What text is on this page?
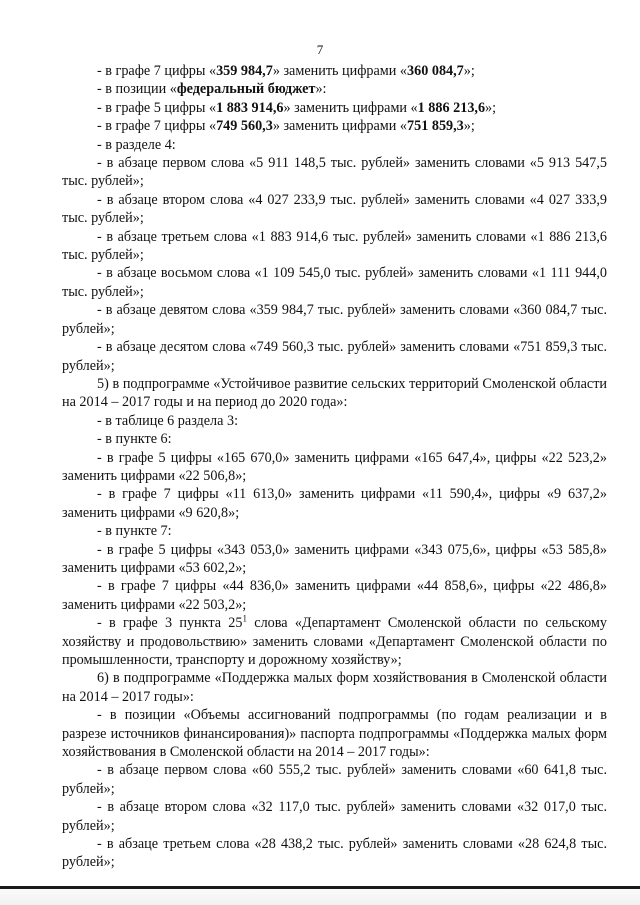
7

- в графе 7 цифры «359 984,7» заменить цифрами «360 084,7»;

- в позиции «федеральный бюджет»:

- в графе 5 цифры «1 883 914,6» заменить цифрами «1 886 213,6»;

- в графе 7 цифры «749 560,3» заменить цифрами «751 859,3»;

- в разделе 4:

- в абзаце первом слова «5 911 148,5 тыс. рублей» заменить словами «5 913 547,5 тыс. рублей»;

- в абзаце втором слова «4 027 233,9 тыс. рублей» заменить словами «4 027 333,9 тыс. рублей»;

- в абзаце третьем слова «1 883 914,6 тыс. рублей» заменить словами «1 886 213,6 тыс. рублей»;

- в абзаце восьмом слова «1 109 545,0 тыс. рублей» заменить словами «1 111 944,0 тыс. рублей»;

- в абзаце девятом слова «359 984,7 тыс. рублей» заменить словами «360 084,7 тыс. рублей»;

- в абзаце десятом слова «749 560,3 тыс. рублей» заменить словами «751 859,3 тыс. рублей»;

5) в подпрограмме «Устойчивое развитие сельских территорий Смоленской области на 2014 – 2017 годы и на период до 2020 года»:

- в таблице 6 раздела 3:

- в пункте 6:

- в графе 5 цифры «165 670,0» заменить цифрами «165 647,4», цифры «22 523,2» заменить цифрами «22 506,8»;

- в графе 7 цифры «11 613,0» заменить цифрами «11 590,4», цифры «9 637,2» заменить цифрами «9 620,8»;

- в пункте 7:

- в графе 5 цифры «343 053,0» заменить цифрами «343 075,6», цифры «53 585,8» заменить цифрами «53 602,2»;

- в графе 7 цифры «44 836,0» заменить цифрами «44 858,6», цифры «22 486,8» заменить цифрами «22 503,2»;

- в графе 3 пункта $25^1$ слова «Департамент Смоленской области по сельскому хозяйству и продовольствию» заменить словами «Департамент Смоленской области по промышленности, транспорту и дорожному хозяйству»;

6) в подпрограмме «Поддержка малых форм хозяйствования в Смоленской области на 2014 – 2017 годы»:

- в позиции «Объемы ассигнований подпрограммы (по годам реализации и в разрезе источников финансирования)» паспорта подпрограммы «Поддержка малых форм хозяйствования в Смоленской области на 2014 – 2017 годы»:

- в абзаце первом слова «60 555,2 тыс. рублей» заменить словами «60 641,8 тыс. рублей»;

- в абзаце втором слова «32 117,0 тыс. рублей» заменить словами «32 017,0 тыс. рублей»;

- в абзаце третьем слова «28 438,2 тыс. рублей» заменить словами «28 624,8 тыс. рублей»;
